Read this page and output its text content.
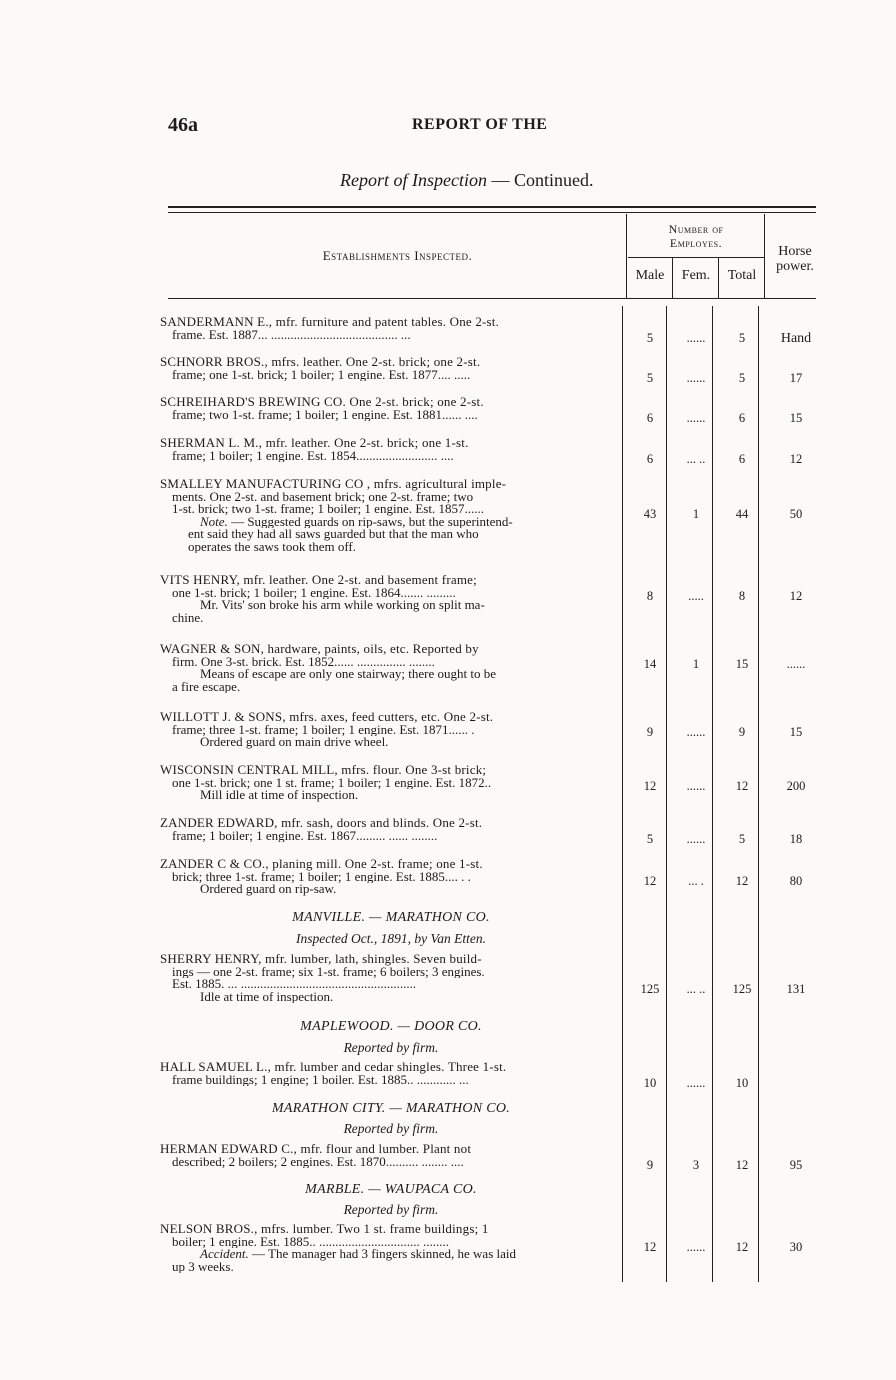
46a	REPORT OF THE
Report of Inspection — Continued.
Establishments Inspected.
Number of
Employes.
Male	Fem.	Total
Horse
power.
SANDERMANN E., mfr. furniture and patent tables. One 2-st.
frame. Est. 1887... ....................................... ...	5	......	5	Hand
SCHNORR BROS., mfrs. leather. One 2-st. brick; one 2-st.
frame; one 1-st. brick; 1 boiler; 1 engine. Est. 1877.... .....	5	......	5	17
SCHREIHARD'S BREWING CO. One 2-st. brick; one 2-st.
frame; two 1-st. frame; 1 boiler; 1 engine. Est. 1881...... ....	6	......	6	15
SHERMAN L. M., mfr. leather. One 2-st. brick; one 1-st.
frame; 1 boiler; 1 engine. Est. 1854......................... ....	6	... ..	6	12
SMALLEY MANUFACTURING CO , mfrs. agricultural imple-
ments. One 2-st. and basement brick; one 2-st. frame; two
1-st. brick; two 1-st. frame; 1 boiler; 1 engine. Est. 1857......
Note. — Suggested guards on rip-saws, but the superintend-
ent said they had all saws guarded but that the man who
operates the saws took them off.
43	1	44	50
VITS HENRY, mfr. leather. One 2-st. and basement frame;
one 1-st. brick; 1 boiler; 1 engine. Est. 1864....... .........
Mr. Vits' son broke his arm while working on split ma-
chine.
8	.....	8	12
WAGNER & SON, hardware, paints, oils, etc. Reported by
firm. One 3-st. brick. Est. 1852...... ............... ........
Means of escape are only one stairway; there ought to be
a fire escape.
14	1	15	......
WILLOTT J. & SONS, mfrs. axes, feed cutters, etc. One 2-st.
frame; three 1-st. frame; 1 boiler; 1 engine. Est. 1871...... .
Ordered guard on main drive wheel.
9	......	9	15
WISCONSIN CENTRAL MILL, mfrs. flour. One 3-st brick;
one 1-st. brick; one 1 st. frame; 1 boiler; 1 engine. Est. 1872..
Mill idle at time of inspection.
12	......	12	200
ZANDER EDWARD, mfr. sash, doors and blinds. One 2-st.
frame; 1 boiler; 1 engine. Est. 1867......... ...... ........	5	......	5	18
ZANDER C & CO., planing mill. One 2-st. frame; one 1-st.
brick; three 1-st. frame; 1 boiler; 1 engine. Est. 1885.... . .
Ordered guard on rip-saw.	12	... .	12	80
MANVILLE. — MARATHON CO.
Inspected Oct., 1891, by Van Etten.
SHERRY HENRY, mfr. lumber, lath, shingles. Seven build-
ings — one 2-st. frame; six 1-st. frame; 6 boilers; 3 engines.
Est. 1885. ... ......................................................
Idle at time of inspection.	125	... ..	125	131
MAPLEWOOD. — DOOR CO.
Reported by firm.
HALL SAMUEL L., mfr. lumber and cedar shingles. Three 1-st.
frame buildings; 1 engine; 1 boiler. Est. 1885.. ............ ...	10	......	10
MARATHON CITY. — MARATHON CO.
Reported by firm.
HERMAN EDWARD C., mfr. flour and lumber. Plant not
described; 2 boilers; 2 engines. Est. 1870.......... ........ ....	9	3	12	95
MARBLE. — WAUPACA CO.
Reported by firm.
NELSON BROS., mfrs. lumber. Two 1 st. frame buildings; 1
boiler; 1 engine. Est. 1885.. ............................... ........
Accident. — The manager had 3 fingers skinned, he was laid
up 3 weeks.
12	......	12	30
